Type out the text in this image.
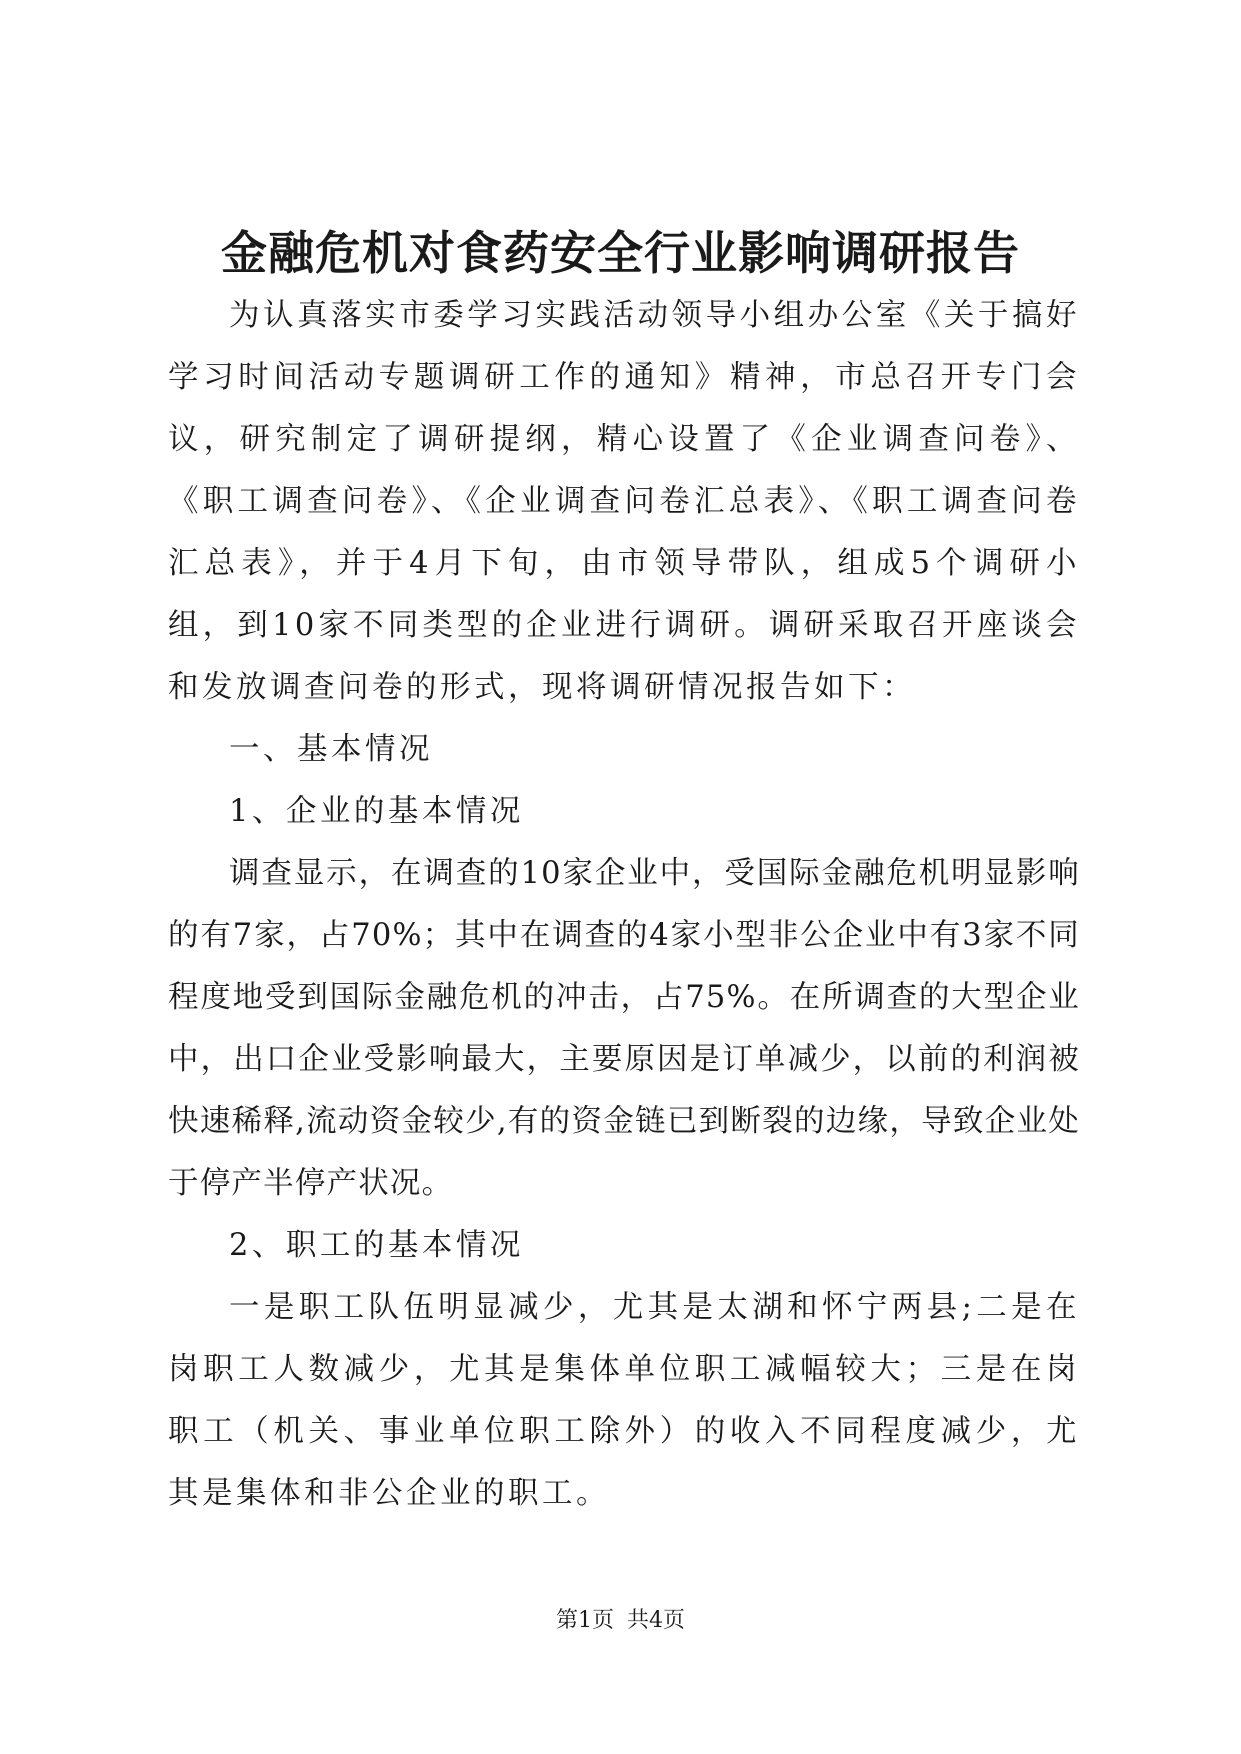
金融危机对食药安全行业影响调研报告

为认真落实市委学习实践活动领导小组办公室《关于搞好学习时间活动专题调研工作的通知》精神，市总召开专门会议，研究制定了调研提纲，精心设置了《企业调查问卷》、《职工调查问卷》、《企业调查问卷汇总表》、《职工调查问卷汇总表》，并于4月下旬，由市领导带队，组成5个调研小组，到10家不同类型的企业进行调研。调研采取召开座谈会和发放调查问卷的形式，现将调研情况报告如下：

一、基本情况

1、企业的基本情况

调查显示，在调查的10家企业中，受国际金融危机明显影响的有7家，占70%；其中在调查的4家小型非公企业中有3家不同程度地受到国际金融危机的冲击，占75%。在所调查的大型企业中，出口企业受影响最大，主要原因是订单减少，以前的利润被快速稀释,流动资金较少,有的资金链已到断裂的边缘，导致企业处于停产半停产状况。

2、职工的基本情况

一是职工队伍明显减少，尤其是太湖和怀宁两县;二是在岗职工人数减少，尤其是集体单位职工减幅较大；三是在岗职工（机关、事业单位职工除外）的收入不同程度减少，尤其是集体和非公企业的职工。

第1页 共4页
